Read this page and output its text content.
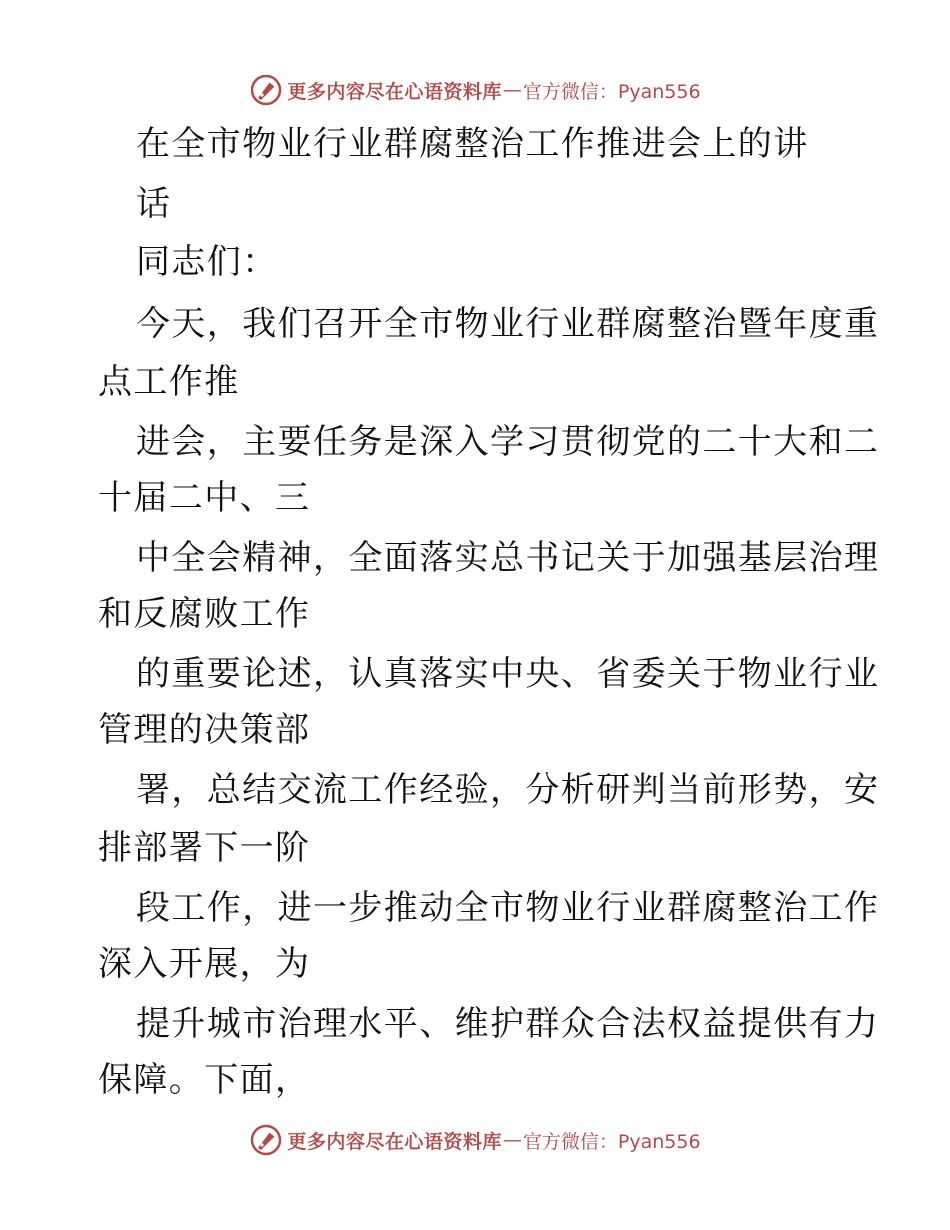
更多内容尽在心语资料库 — 官方微信：Pyan556
在全市物业行业群腐整治工作推进会上的讲
话
同志们：
今天，我们召开全市物业行业群腐整治暨年度重
点工作推
进会，主要任务是深入学习贯彻党的二十大和二
十届二中、三
中全会精神，全面落实总书记关于加强基层治理
和反腐败工作
的重要论述，认真落实中央、省委关于物业行业
管理的决策部
署，总结交流工作经验，分析研判当前形势，安
排部署下一阶
段工作，进一步推动全市物业行业群腐整治工作
深入开展，为
提升城市治理水平、维护群众合法权益提供有力
保障。下面，
更多内容尽在心语资料库 — 官方微信：Pyan556
